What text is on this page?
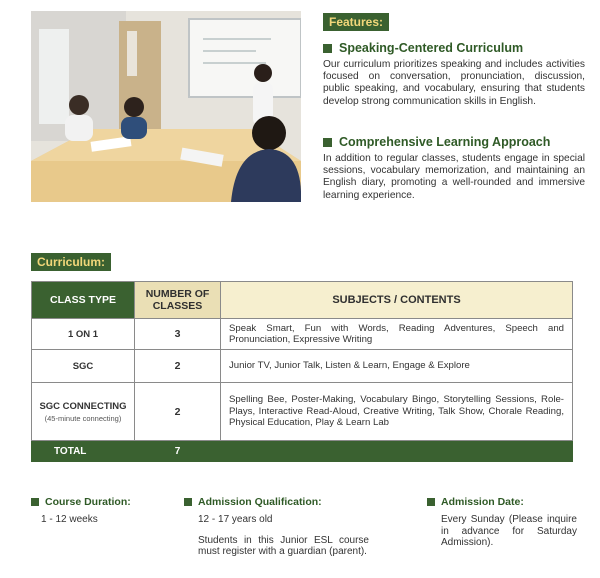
Features:
Speaking-Centered Curriculum

Our curriculum prioritizes speaking and includes activities focused on conversation, pronunciation, discussion, public speaking, and vocabulary, ensuring that students develop strong communication skills in English.

Comprehensive Learning Approach

In addition to regular classes, students engage in special sessions, vocabulary memorization, and maintaining an English diary, promoting a well-rounded and immersive learning experience.

Curriculum:
CLASS TYPE	NUMBER OF CLASSES	SUBJECTS / CONTENTS
1 ON 1	3	Speak Smart, Fun with Words, Reading Adventures, Speech and Pronunciation, Expressive Writing
SGC	2	Junior TV, Junior Talk, Listen & Learn, Engage & Explore
SGC CONNECTING
(45-minute connecting)	2	Spelling Bee, Poster-Making, Vocabulary Bingo, Storytelling Sessions, Role-Plays, Interactive Read-Aloud, Creative Writing, Talk Show, Chorale Reading, Physical Education, Play & Learn Lab
TOTAL	7	
Course Duration:
1 - 12 weeks
Admission Qualification:

12 - 17 years old

Students in this Junior ESL course must register with a guardian (parent).

Admission Date:
Every Sunday (Please inquire in advance for Saturday Admission).
